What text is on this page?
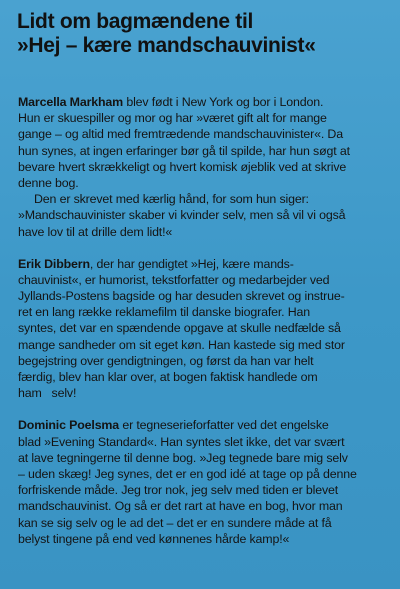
Lidt om bagmændene til
»Hej – kære mandschauvinist«
Marcella Markham blev født i New York og bor i London.
Hun er skuespiller og mor og har »været gift alt for mange
gange – og altid med fremtrædende mandschauvinister«. Da
hun synes, at ingen erfaringer bør gå til spilde, har hun søgt at
bevare hvert skrækkeligt og hvert komisk øjeblik ved at skrive
denne bog.
Den er skrevet med kærlig hånd, for som hun siger:
»Mandschauvinister skaber vi kvinder selv, men så vil vi også
have lov til at drille dem lidt!«
Erik Dibbern, der har gendigtet »Hej, kære mands-
chauvinist«, er humorist, tekstforfatter og medarbejder ved
Jyllands-Postens bagside og har desuden skrevet og instrue-
ret en lang række reklamefilm til danske biografer. Han
syntes, det var en spændende opgave at skulle nedfælde så
mange sandheder om sit eget køn. Han kastede sig med stor
begejstring over gendigtningen, og først da han var helt
færdig, blev han klar over, at bogen faktisk handlede om
ham   selv!
Dominic Poelsma er tegneserieforfatter ved det engelske
blad »Evening Standard«. Han syntes slet ikke, det var svært
at lave tegningerne til denne bog. »Jeg tegnede bare mig selv
– uden skæg! Jeg synes, det er en god idé at tage op på denne
forfriskende måde. Jeg tror nok, jeg selv med tiden er blevet
mandschauvinist. Og så er det rart at have en bog, hvor man
kan se sig selv og le ad det – det er en sundere måde at få
belyst tingene på end ved kønnenes hårde kamp!«
